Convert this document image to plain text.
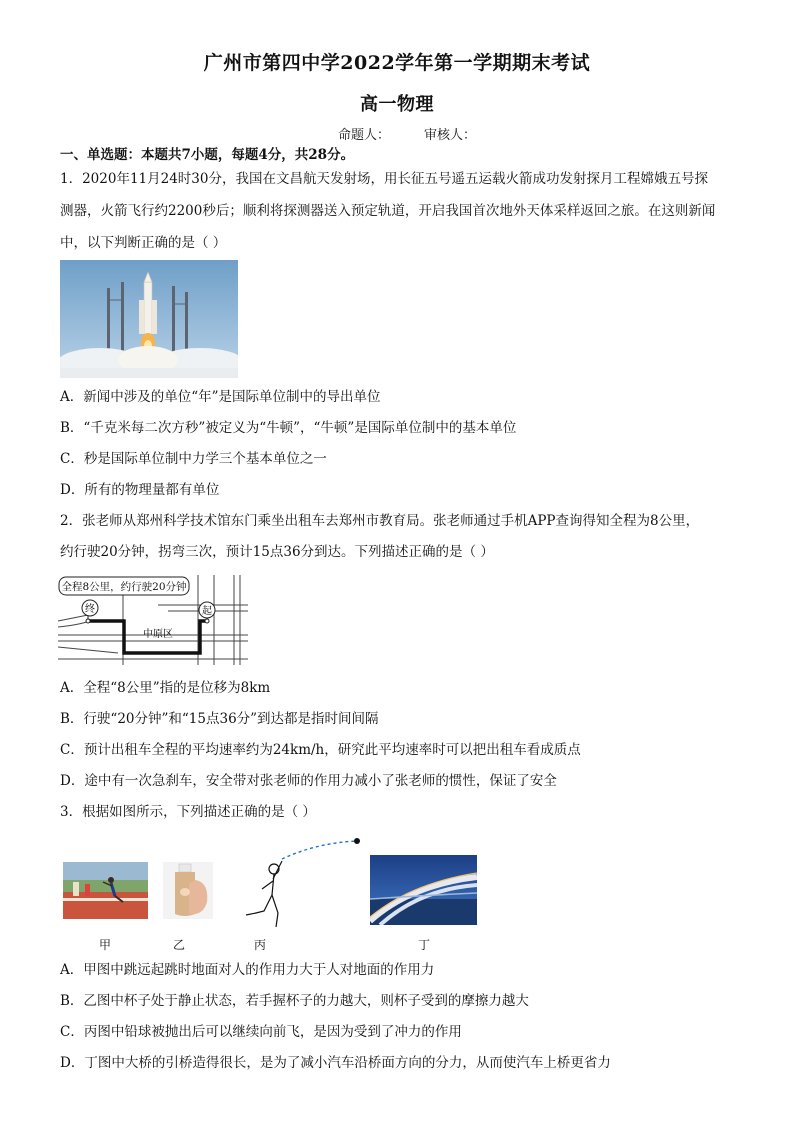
广州市第四中学2022学年第一学期期末考试
高一物理
命题人：	审核人：
一、单选题：本题共7小题，每题4分，共28分。
1．2020年11月24时30分，我国在文昌航天发射场，用长征五号遥五运载火箭成功发射探月工程嫦娥五号探
测器，火箭飞行约2200秒后；顺利将探测器送入预定轨道，开启我国首次地外天体采样返回之旅。在这则新闻
中，以下判断正确的是（ ）
A．新闻中涉及的单位“年”是国际单位制中的导出单位
B．“千克米每二次方秒”被定义为“牛顿”，“牛顿”是国际单位制中的基本单位
C．秒是国际单位制中力学三个基本单位之一
D．所有的物理量都有单位
2．张老师从郑州科学技术馆东门乘坐出租车去郑州市教育局。张老师通过手机APP查询得知全程为8公里，
约行驶20分钟，拐弯三次，预计15点36分到达。下列描述正确的是（ ）
全程8公里，约行驶20分钟
终	起
中原区
A．全程“8公里”指的是位移为8km
B．行驶“20分钟”和“15点36分”到达都是指时间间隔
C．预计出租车全程的平均速率约为24km/h，研究此平均速率时可以把出租车看成质点
D．途中有一次急刹车，安全带对张老师的作用力减小了张老师的惯性，保证了安全
3．根据如图所示，下列描述正确的是（ ）
甲	乙	丙	丁
A．甲图中跳远起跳时地面对人的作用力大于人对地面的作用力
B．乙图中杯子处于静止状态，若手握杯子的力越大，则杯子受到的摩擦力越大
C．丙图中铅球被抛出后可以继续向前飞，是因为受到了冲力的作用
D．丁图中大桥的引桥造得很长，是为了减小汽车沿桥面方向的分力，从而使汽车上桥更省力
